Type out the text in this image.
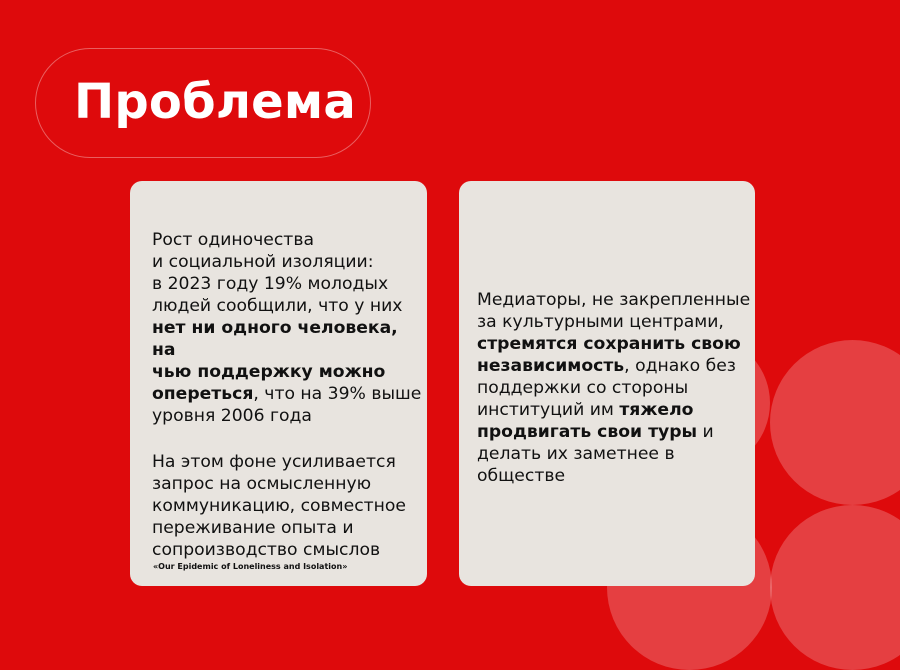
Проблема

Рост одиночества
и социальной изоляции:
в 2023 году 19% молодых
людей сообщили, что у них
нет ни одного человека, на
чью поддержку можно
опереться, что на 39% выше
уровня 2006 года

На этом фоне усиливается
запрос на осмысленную
коммуникацию, совместное
переживание опыта и
сопроизводство смыслов

«Our Epidemic of Loneliness and Isolation»

Медиаторы, не закрепленные
за культурными центрами,
стремятся сохранить свою
независимость, однако без
поддержки со стороны
институций им тяжело
продвигать свои туры и
делать их заметнее в
обществе
